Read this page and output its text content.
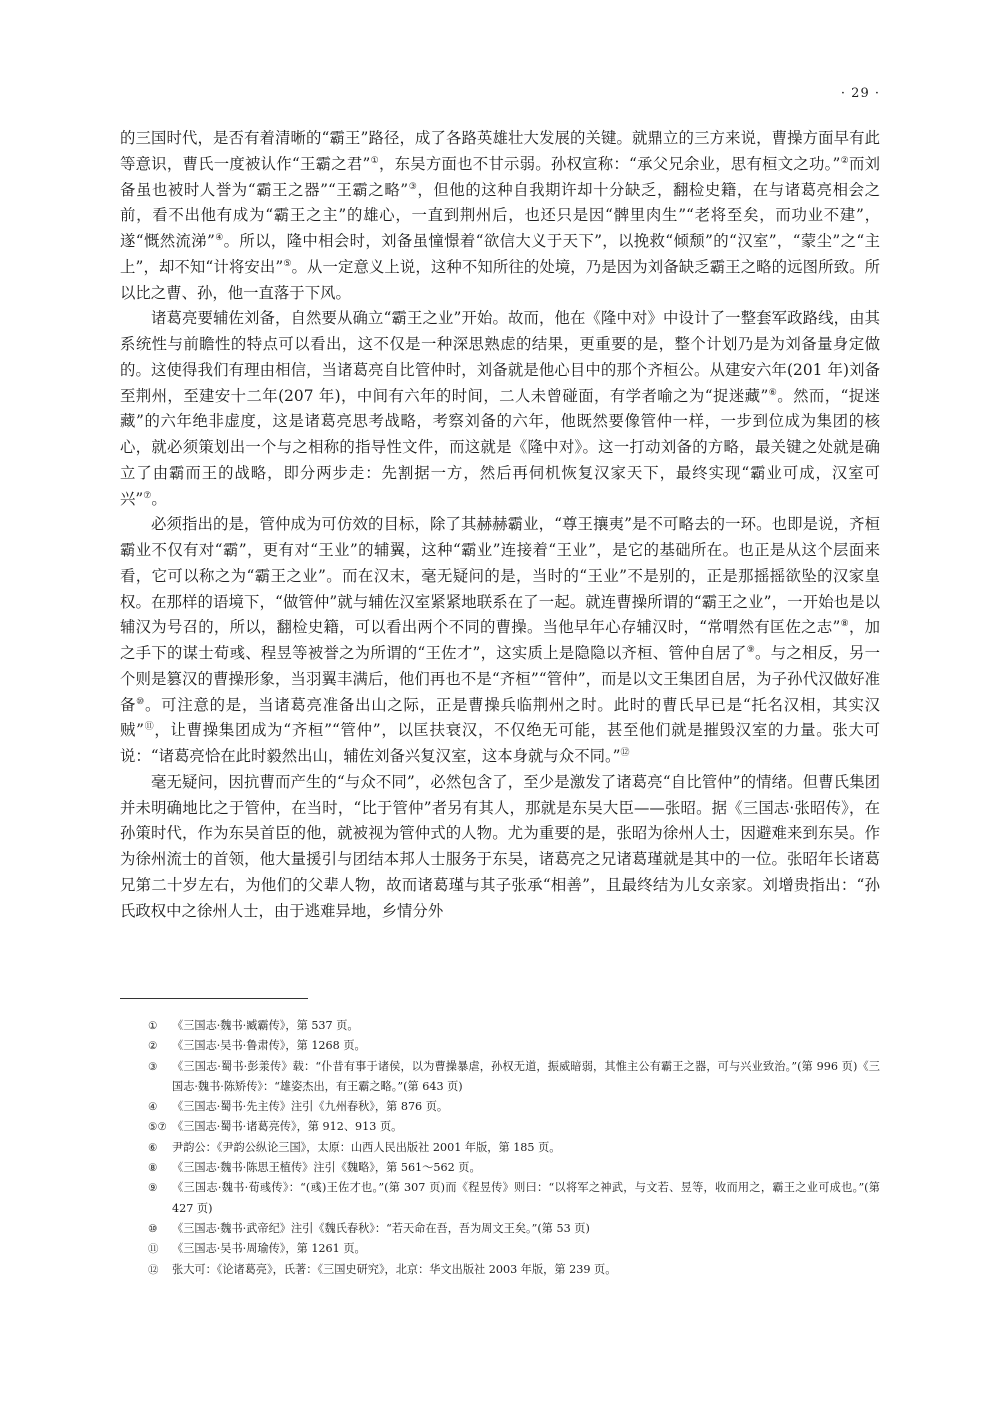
· 29 ·

的三国时代，是否有着清晰的“霸王”路径，成了各路英雄壮大发展的关键。就鼎立的三方来说，曹操方面早有此等意识，曹氏一度被认作“王霸之君”①，东吴方面也不甘示弱。孙权宣称：“承父兄余业，思有桓文之功。”②而刘备虽也被时人誉为“霸王之器”“王霸之略”③，但他的这种自我期许却十分缺乏，翻检史籍，在与诸葛亮相会之前，看不出他有成为“霸王之主”的雄心，一直到荆州后，也还只是因“髀里肉生”“老将至矣，而功业不建”，遂“慨然流涕”④。所以，隆中相会时，刘备虽憧憬着“欲信大义于天下”，以挽救“倾颓”的“汉室”，“蒙尘”之“主上”，却不知“计将安出”⑤。从一定意义上说，这种不知所往的处境，乃是因为刘备缺乏霸王之略的远图所致。所以比之曹、孙，他一直落于下风。

诸葛亮要辅佐刘备，自然要从确立“霸王之业”开始。故而，他在《隆中对》中设计了一整套军政路线，由其系统性与前瞻性的特点可以看出，这不仅是一种深思熟虑的结果，更重要的是，整个计划乃是为刘备量身定做的。这使得我们有理由相信，当诸葛亮自比管仲时，刘备就是他心目中的那个齐桓公。从建安六年(201 年)刘备至荆州，至建安十二年(207 年)，中间有六年的时间，二人未曾碰面，有学者喻之为“捉迷藏”⑥。然而，“捉迷藏”的六年绝非虚度，这是诸葛亮思考战略，考察刘备的六年，他既然要像管仲一样，一步到位成为集团的核心，就必须策划出一个与之相称的指导性文件，而这就是《隆中对》。这一打动刘备的方略，最关键之处就是确立了由霸而王的战略，即分两步走：先割据一方，然后再伺机恢复汉家天下，最终实现“霸业可成，汉室可兴”⑦。

必须指出的是，管仲成为可仿效的目标，除了其赫赫霸业，“尊王攘夷”是不可略去的一环。也即是说，齐桓霸业不仅有对“霸”，更有对“王业”的辅翼，这种“霸业”连接着“王业”，是它的基础所在。也正是从这个层面来看，它可以称之为“霸王之业”。而在汉末，毫无疑问的是，当时的“王业”不是别的，正是那摇摇欲坠的汉家皇权。在那样的语境下，“做管仲”就与辅佐汉室紧紧地联系在了一起。就连曹操所谓的“霸王之业”，一开始也是以辅汉为号召的，所以，翻检史籍，可以看出两个不同的曹操。当他早年心存辅汉时，“常喟然有匡佐之志”⑧，加之手下的谋士荀彧、程昱等被誉之为所谓的“王佐才”，这实质上是隐隐以齐桓、管仲自居了⑨。与之相反，另一个则是篡汉的曹操形象，当羽翼丰满后，他们再也不是“齐桓”“管仲”，而是以文王集团自居，为子孙代汉做好准备⑩。可注意的是，当诸葛亮准备出山之际，正是曹操兵临荆州之时。此时的曹氏早已是“托名汉相，其实汉贼”⑪，让曹操集团成为“齐桓”“管仲”，以匡扶衰汉，不仅绝无可能，甚至他们就是摧毁汉室的力量。张大可说：“诸葛亮恰在此时毅然出山，辅佐刘备兴复汉室，这本身就与众不同。”⑫

毫无疑问，因抗曹而产生的“与众不同”，必然包含了，至少是激发了诸葛亮“自比管仲”的情绪。但曹氏集团并未明确地比之于管仲，在当时，“比于管仲”者另有其人，那就是东吴大臣——张昭。据《三国志·张昭传》，在孙策时代，作为东吴首臣的他，就被视为管仲式的人物。尤为重要的是，张昭为徐州人士，因避难来到东吴。作为徐州流士的首领，他大量援引与团结本邦人士服务于东吴，诸葛亮之兄诸葛瑾就是其中的一位。张昭年长诸葛兄第二十岁左右，为他们的父辈人物，故而诸葛瑾与其子张承“相善”，且最终结为儿女亲家。刘增贵指出：“孙氏政权中之徐州人士，由于逃难异地，乡情分外

①	《三国志·魏书·臧霸传》，第 537 页。
②	《三国志·吴书·鲁肃传》，第 1268 页。
③	《三国志·蜀书·彭羕传》载：“仆昔有事于诸侯，以为曹操暴虐，孙权无道，振威暗弱，其惟主公有霸王之器，可与兴业致治。”(第 996 页)《三国志·魏书·陈矫传》：“雄姿杰出，有王霸之略。”(第 643 页)
④	《三国志·蜀书·先主传》注引《九州春秋》，第 876 页。
⑤⑦ 《三国志·蜀书·诸葛亮传》，第 912、913 页。
⑥	尹韵公：《尹韵公纵论三国》，太原：山西人民出版社 2001 年版，第 185 页。
⑧	《三国志·魏书·陈思王植传》注引《魏略》，第 561～562 页。
⑨	《三国志·魏书·荀彧传》：“(彧)王佐才也。”(第 307 页)而《程昱传》则曰：“以将军之神武，与文若、昱等，收而用之，霸王之业可成也。”(第 427 页)
⑩	《三国志·魏书·武帝纪》注引《魏氏春秋》：“若天命在吾，吾为周文王矣。”(第 53 页)
⑪	《三国志·吴书·周瑜传》，第 1261 页。
⑫	张大可：《论诸葛亮》，氏著：《三国史研究》，北京：华文出版社 2003 年版，第 239 页。
